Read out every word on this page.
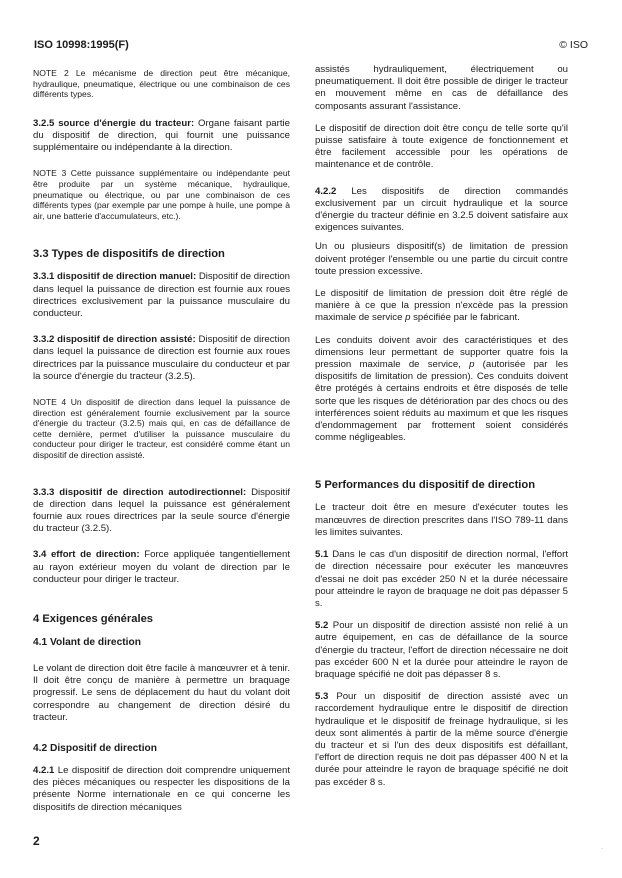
ISO 10998:1995(F)	© ISO

NOTE 2 Le mécanisme de direction peut être mécanique, hydraulique, pneumatique, électrique ou une combinaison de ces différents types.

3.2.5 source d'énergie du tracteur: Organe faisant partie du dispositif de direction, qui fournit une puissance supplémentaire ou indépendante à la direction.

NOTE 3 Cette puissance supplémentaire ou indépendante peut être produite par un système mécanique, hydraulique, pneumatique ou électrique, ou par une combinaison de ces différents types (par exemple par une pompe à huile, une pompe à air, une batterie d'accumulateurs, etc.).

3.3 Types de dispositifs de direction

3.3.1 dispositif de direction manuel: Dispositif de direction dans lequel la puissance de direction est fournie aux roues directrices exclusivement par la puissance musculaire du conducteur.

3.3.2 dispositif de direction assisté: Dispositif de direction dans lequel la puissance de direction est fournie aux roues directrices par la puissance musculaire du conducteur et par la source d'énergie du tracteur (3.2.5).

NOTE 4 Un dispositif de direction dans lequel la puissance de direction est généralement fournie exclusivement par la source d'énergie du tracteur (3.2.5) mais qui, en cas de défaillance de cette dernière, permet d'utiliser la puissance musculaire du conducteur pour diriger le tracteur, est considéré comme étant un dispositif de direction assisté.

3.3.3 dispositif de direction autodirectionnel: Dispositif de direction dans lequel la puissance est généralement fournie aux roues directrices par la seule source d'énergie du tracteur (3.2.5).

3.4 effort de direction: Force appliquée tangentiellement au rayon extérieur moyen du volant de direction par le conducteur pour diriger le tracteur.

4 Exigences générales
4.1 Volant de direction

Le volant de direction doit être facile à manœuvrer et à tenir. Il doit être conçu de manière à permettre un braquage progressif. Le sens de déplacement du haut du volant doit correspondre au changement de direction désiré du tracteur.

4.2 Dispositif de direction

4.2.1 Le dispositif de direction doit comprendre uniquement des pièces mécaniques ou respecter les dispositions de la présente Norme internationale en ce qui concerne les dispositifs de direction mécaniques

assistés hydrauliquement, électriquement ou pneumatiquement. Il doit être possible de diriger le tracteur en mouvement même en cas de défaillance des composants assurant l'assistance.

Le dispositif de direction doit être conçu de telle sorte qu'il puisse satisfaire à toute exigence de fonctionnement et être facilement accessible pour les opérations de maintenance et de contrôle.

4.2.2 Les dispositifs de direction commandés exclusivement par un circuit hydraulique et la source d'énergie du tracteur définie en 3.2.5 doivent satisfaire aux exigences suivantes.

Un ou plusieurs dispositif(s) de limitation de pression doivent protéger l'ensemble ou une partie du circuit contre toute pression excessive.

Le dispositif de limitation de pression doit être réglé de manière à ce que la pression n'excède pas la pression maximale de service p spécifiée par le fabricant.

Les conduits doivent avoir des caractéristiques et des dimensions leur permettant de supporter quatre fois la pression maximale de service, p (autorisée par les dispositifs de limitation de pression). Ces conduits doivent être protégés à certains endroits et être disposés de telle sorte que les risques de détérioration par des chocs ou des interférences soient réduits au maximum et que les risques d'endommagement par frottement soient considérés comme négligeables.

5 Performances du dispositif de direction

Le tracteur doit être en mesure d'exécuter toutes les manœuvres de direction prescrites dans l'ISO 789-11 dans les limites suivantes.

5.1 Dans le cas d'un dispositif de direction normal, l'effort de direction nécessaire pour exécuter les manœuvres d'essai ne doit pas excéder 250 N et la durée nécessaire pour atteindre le rayon de braquage ne doit pas dépasser 5 s.

5.2 Pour un dispositif de direction assisté non relié à un autre équipement, en cas de défaillance de la source d'énergie du tracteur, l'effort de direction nécessaire ne doit pas excéder 600 N et la durée pour atteindre le rayon de braquage spécifié ne doit pas dépasser 8 s.

5.3 Pour un dispositif de direction assisté avec un raccordement hydraulique entre le dispositif de direction hydraulique et le dispositif de freinage hydraulique, si les deux sont alimentés à partir de la même source d'énergie du tracteur et si l'un des deux dispositifs est défaillant, l'effort de direction requis ne doit pas dépasser 400 N et la durée pour atteindre le rayon de braquage spécifié ne doit pas excéder 8 s.

2
·
